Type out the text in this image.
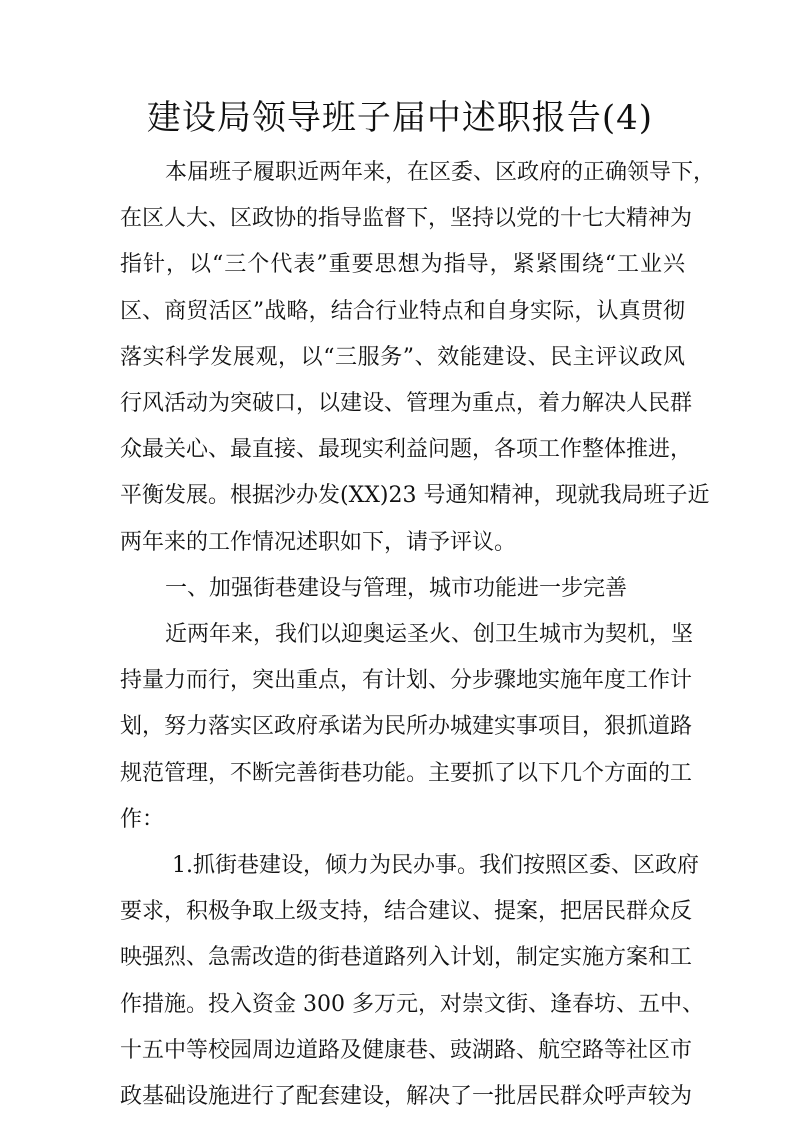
建设局领导班子届中述职报告(4)

本届班子履职近两年来，在区委、区政府的正确领导下，

在区人大、区政协的指导监督下，坚持以党的十七大精神为

指针，以“三个代表”重要思想为指导，紧紧围绕“工业兴

区、商贸活区”战略，结合行业特点和自身实际，认真贯彻

落实科学发展观，以“三服务”、效能建设、民主评议政风

行风活动为突破口，以建设、管理为重点，着力解决人民群

众最关心、最直接、最现实利益问题，各项工作整体推进，

平衡发展。根据沙办发(XX)23 号通知精神，现就我局班子近

两年来的工作情况述职如下，请予评议。

一、加强街巷建设与管理，城市功能进一步完善

近两年来，我们以迎奥运圣火、创卫生城市为契机，坚

持量力而行，突出重点，有计划、分步骤地实施年度工作计

划，努力落实区政府承诺为民所办城建实事项目，狠抓道路

规范管理，不断完善街巷功能。主要抓了以下几个方面的工

作：

1.抓街巷建设，倾力为民办事。我们按照区委、区政府

要求，积极争取上级支持，结合建议、提案，把居民群众反

映强烈、急需改造的街巷道路列入计划，制定实施方案和工

作措施。投入资金 300 多万元，对崇文街、逢春坊、五中、

十五中等校园周边道路及健康巷、豉湖路、航空路等社区市

政基础设施进行了配套建设，解决了一批居民群众呼声较为
